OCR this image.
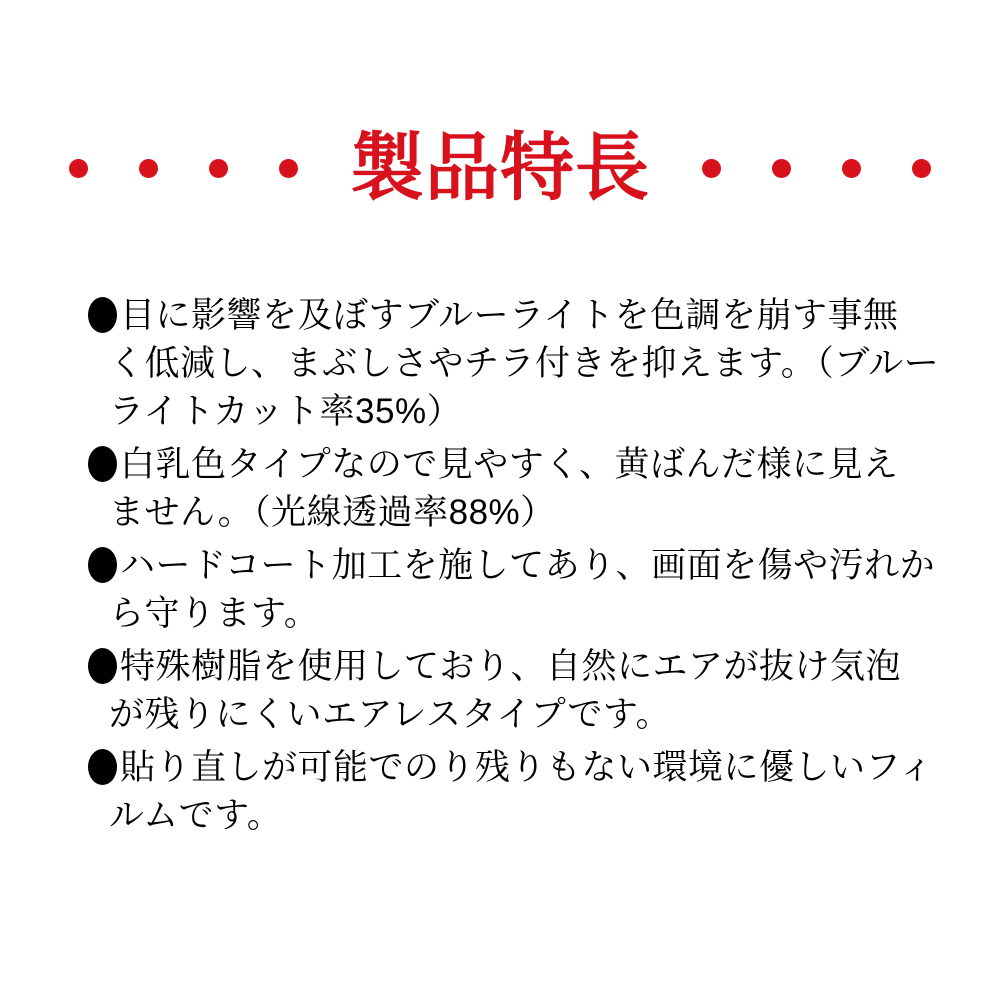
製品特長
目に影響を及ぼすブルーライトを色調を崩す事無
く低減し、まぶしさやチラ付きを抑えます。（ブルー
ライトカット率35%）
白乳色タイプなので見やすく、黄ばんだ様に見え
ません。（光線透過率88%）
ハードコート加工を施してあり、画面を傷や汚れか
ら守ります。
特殊樹脂を使用しており、自然にエアが抜け気泡
が残りにくいエアレスタイプです。
貼り直しが可能でのり残りもない環境に優しいフィ
ルムです。
